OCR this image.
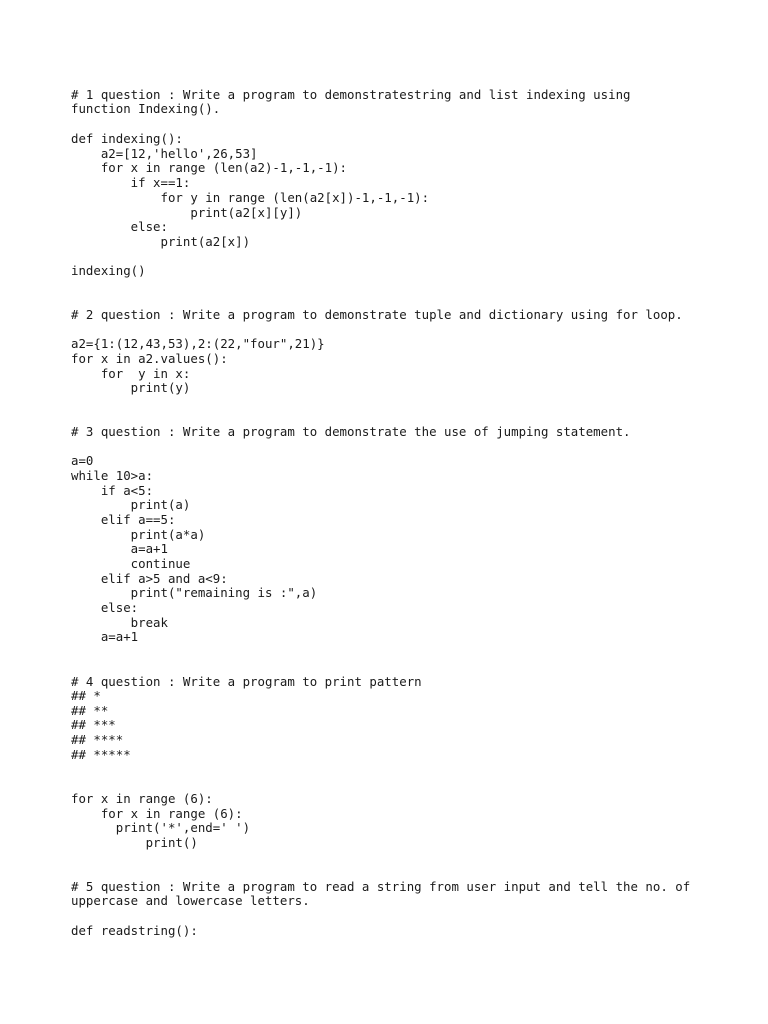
# 1 question : Write a program to demonstratestring and list indexing using
function Indexing().
def indexing():
a2=[12,'hello',26,53]
for x in range (len(a2)-1,-1,-1):
if x==1:
for y in range (len(a2[x])-1,-1,-1):
print(a2[x][y])
else:
print(a2[x])
indexing()
# 2 question : Write a program to demonstrate tuple and dictionary using for loop.
a2={1:(12,43,53),2:(22,"four",21)}
for x in a2.values():
for  y in x:
print(y)
# 3 question : Write a program to demonstrate the use of jumping statement.
a=0
while 10>a:
if a<5:
print(a)
elif a==5:
print(a*a)
a=a+1
continue
elif a>5 and a<9:
print("remaining is :",a)
else:
break
a=a+1
# 4 question : Write a program to print pattern
## *
## **
## ***
## ****
## *****
for x in range (6):
for x in range (6):
print('*',end=' ')
print()
# 5 question : Write a program to read a string from user input and tell the no. of
uppercase and lowercase letters.
def readstring():
